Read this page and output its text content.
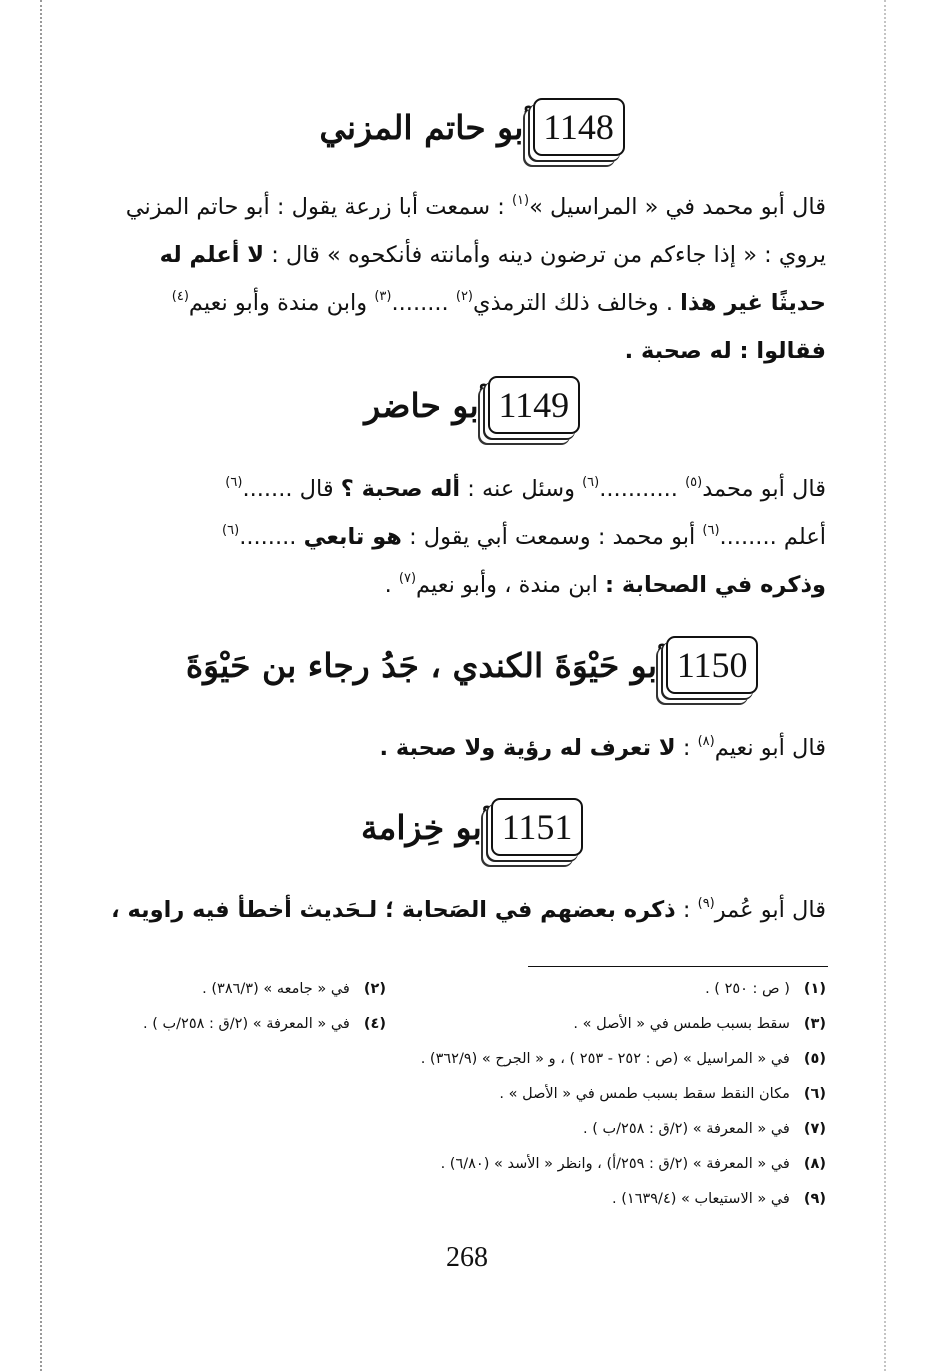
1148
أبو حاتم المزني
قال أبو محمد في « المراسيل »$^{(١)}$ : سمعت أبا زرعة يقول : أبو حاتم المزني
يروي : « إذا جاءكم من ترضون دينه وأمانته فأنكحوه » قال : لا أعلم له
حديثًا غير هذا . وخالف ذلك الترمذي$^{(٢)}$ ........$^{(٣)}$ وابن مندة وأبو نعيم$^{(٤)}$
فقالوا : له صحبة .
1149
أبو حاضر
قال أبو محمد$^{(٥)}$ ...........$^{(٦)}$ وسئل عنه : أله صحبة ؟ قال .......$^{(٦)}$
أعلم ........$^{(٦)}$ أبو محمد : وسمعت أبي يقول : هو تابعي ........$^{(٦)}$
وذكره في الصحابة : ابن مندة ، وأبو نعيم$^{(٧)}$ .
1150
أبو حَيْوَةَ الكندي ، جَدُ رجاء بن حَيْوَةَ
قال أبو نعيم$^{(٨)}$ : لا تعرف له رؤية ولا صحبة .
1151
أبو خِزامة
قال أبو عُمر$^{(٩)}$ : ذكره بعضهم في الصَحابة ؛ لـحَديث أخطأ فيه راويه ،
(١)( ص : ٢٥٠ ) .
(٢)في « جامعه » (٣٨٦/٣) .
(٣)سقط بسبب طمس في « الأصل » .
(٤)في « المعرفة » (٢/ق : ٢٥٨/ب ) .
(٥)في « المراسيل » (ص : ٢٥٢ - ٢٥٣ ) ، و « الجرح » (٣٦٢/٩) .
(٦)مكان النقط سقط بسبب طمس في « الأصل » .
(٧)في « المعرفة » (٢/ق : ٢٥٨/ب ) .
(٨)في « المعرفة » (٢/ق : ٢٥٩/أ) ، وانظر « الأسد » (٦/٨٠) .
(٩)في « الاستيعاب » (١٦٣٩/٤) .
268
